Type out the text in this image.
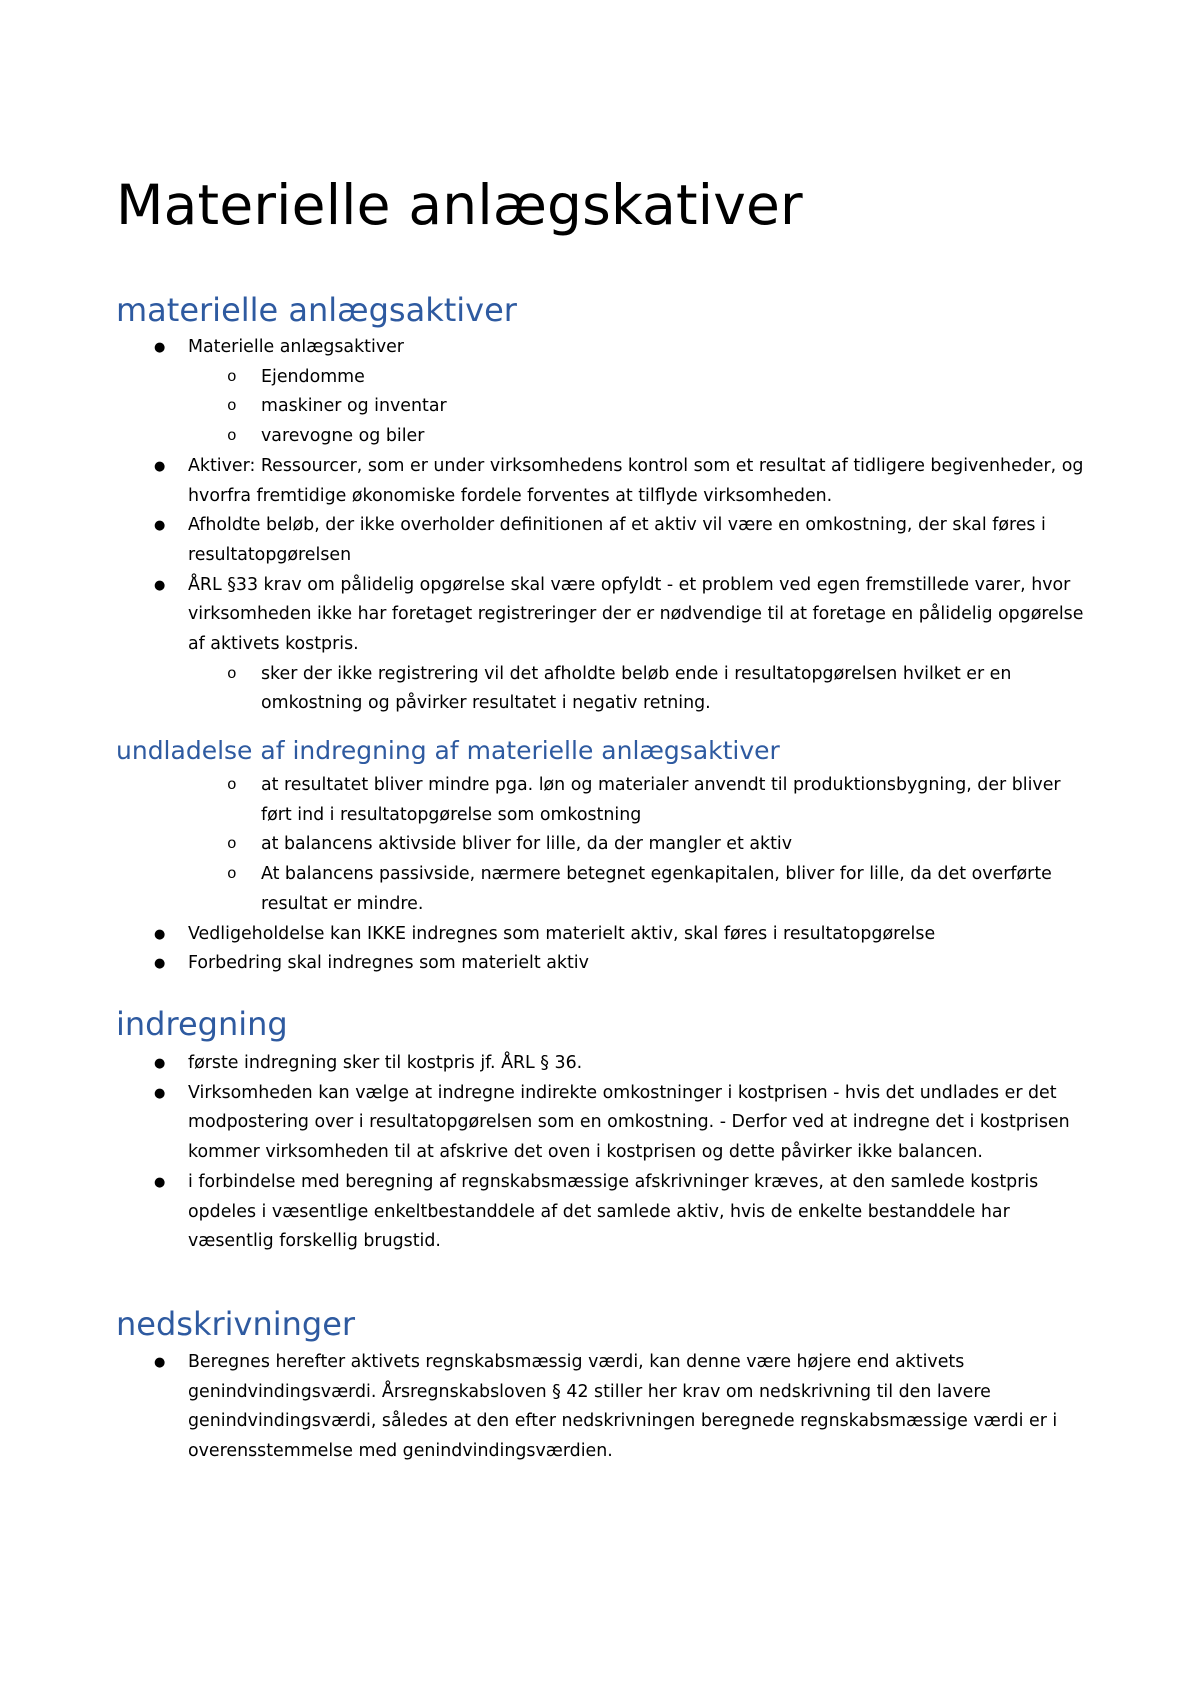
Materielle anlægskativer
materielle anlægsaktiver
● Materielle anlægsaktiver
o Ejendomme
o maskiner og inventar
o varevogne og biler
● Aktiver: Ressourcer, som er under virksomhedens kontrol som et resultat af tidligere begivenheder, og hvorfra fremtidige økonomiske fordele forventes at tilflyde virksomheden.
● Afholdte beløb, der ikke overholder definitionen af et aktiv vil være en omkostning, der skal føres i resultatopgørelsen
● ÅRL §33 krav om pålidelig opgørelse skal være opfyldt - et problem ved egen fremstillede varer, hvor virksomheden ikke har foretaget registreringer der er nødvendige til at foretage en pålidelig opgørelse af aktivets kostpris.
o sker der ikke registrering vil det afholdte beløb ende i resultatopgørelsen hvilket er en omkostning og påvirker resultatet i negativ retning.
undladelse af indregning af materielle anlægsaktiver
o at resultatet bliver mindre pga. løn og materialer anvendt til produktionsbygning, der bliver ført ind i resultatopgørelse som omkostning
o at balancens aktivside bliver for lille, da der mangler et aktiv
o At balancens passivside, nærmere betegnet egenkapitalen, bliver for lille, da det overførte resultat er mindre.
● Vedligeholdelse kan IKKE indregnes som materielt aktiv, skal føres i resultatopgørelse
● Forbedring skal indregnes som materielt aktiv
indregning
● første indregning sker til kostpris jf. ÅRL § 36.
● Virksomheden kan vælge at indregne indirekte omkostninger i kostprisen - hvis det undlades er det modpostering over i resultatopgørelsen som en omkostning. - Derfor ved at indregne det i kostprisen kommer virksomheden til at afskrive det oven i kostprisen og dette påvirker ikke balancen.
● i forbindelse med beregning af regnskabsmæssige afskrivninger kræves, at den samlede kostpris opdeles i væsentlige enkeltbestanddele af det samlede aktiv, hvis de enkelte bestanddele har væsentlig forskellig brugstid.
nedskrivninger
● Beregnes herefter aktivets regnskabsmæssig værdi, kan denne være højere end aktivets genindvindingsværdi. Årsregnskabsloven § 42 stiller her krav om nedskrivning til den lavere genindvindingsværdi, således at den efter nedskrivningen beregnede regnskabsmæssige værdi er i overensstemmelse med genindvindingsværdien.
